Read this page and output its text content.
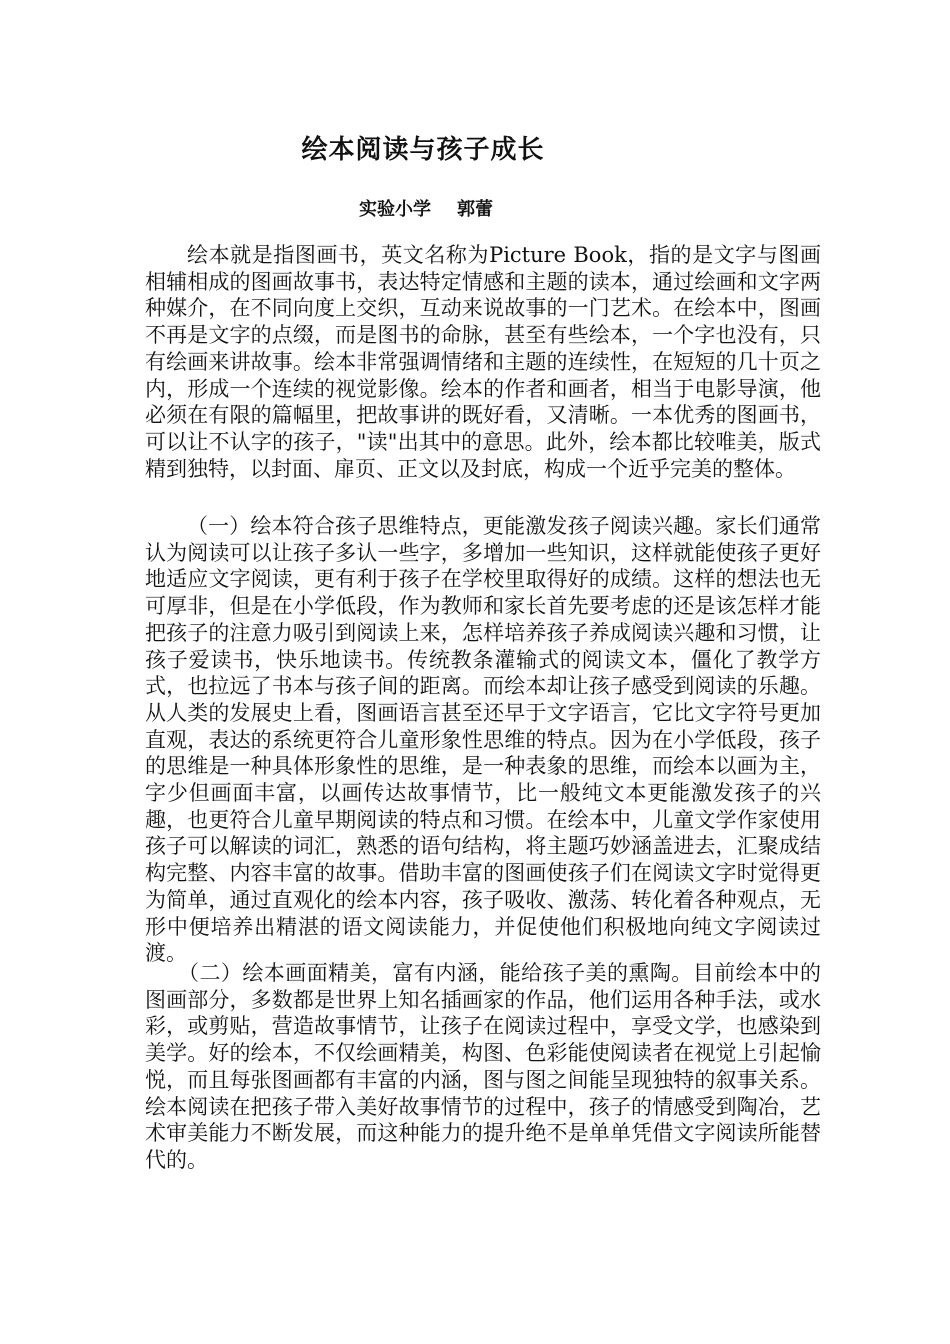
绘本阅读与孩子成长
实验小学 郭蕾

绘本就是指图画书，英文名称为Picture Book，指的是文字与图画相辅相成的图画故事书，表达特定情感和主题的读本，通过绘画和文字两种媒介，在不同向度上交织，互动来说故事的一门艺术。在绘本中，图画不再是文字的点缀，而是图书的命脉，甚至有些绘本，一个字也没有，只有绘画来讲故事。绘本非常强调情绪和主题的连续性，在短短的几十页之内，形成一个连续的视觉影像。绘本的作者和画者，相当于电影导演，他必须在有限的篇幅里，把故事讲的既好看，又清晰。一本优秀的图画书，可以让不认字的孩子，"读"出其中的意思。此外，绘本都比较唯美，版式精到独特，以封面、扉页、正文以及封底，构成一个近乎完美的整体。

（一）绘本符合孩子思维特点，更能激发孩子阅读兴趣。家长们通常认为阅读可以让孩子多认一些字，多增加一些知识，这样就能使孩子更好地适应文字阅读，更有利于孩子在学校里取得好的成绩。这样的想法也无可厚非，但是在小学低段，作为教师和家长首先要考虑的还是该怎样才能把孩子的注意力吸引到阅读上来，怎样培养孩子养成阅读兴趣和习惯，让孩子爱读书，快乐地读书。传统教条灌输式的阅读文本，僵化了教学方式，也拉远了书本与孩子间的距离。而绘本却让孩子感受到阅读的乐趣。从人类的发展史上看，图画语言甚至还早于文字语言，它比文字符号更加直观，表达的系统更符合儿童形象性思维的特点。因为在小学低段，孩子的思维是一种具体形象性的思维，是一种表象的思维，而绘本以画为主，字少但画面丰富，以画传达故事情节，比一般纯文本更能激发孩子的兴趣，也更符合儿童早期阅读的特点和习惯。在绘本中，儿童文学作家使用孩子可以解读的词汇，熟悉的语句结构，将主题巧妙涵盖进去，汇聚成结构完整、内容丰富的故事。借助丰富的图画使孩子们在阅读文字时觉得更为简单，通过直观化的绘本内容，孩子吸收、激荡、转化着各种观点，无形中便培养出精湛的语文阅读能力，并促使他们积极地向纯文字阅读过渡。

（二）绘本画面精美，富有内涵，能给孩子美的熏陶。目前绘本中的图画部分，多数都是世界上知名插画家的作品，他们运用各种手法，或水彩，或剪贴，营造故事情节，让孩子在阅读过程中，享受文学，也感染到美学。好的绘本，不仅绘画精美，构图、色彩能使阅读者在视觉上引起愉悦，而且每张图画都有丰富的内涵，图与图之间能呈现独特的叙事关系。绘本阅读在把孩子带入美好故事情节的过程中，孩子的情感受到陶冶，艺术审美能力不断发展，而这种能力的提升绝不是单单凭借文字阅读所能替代的。
